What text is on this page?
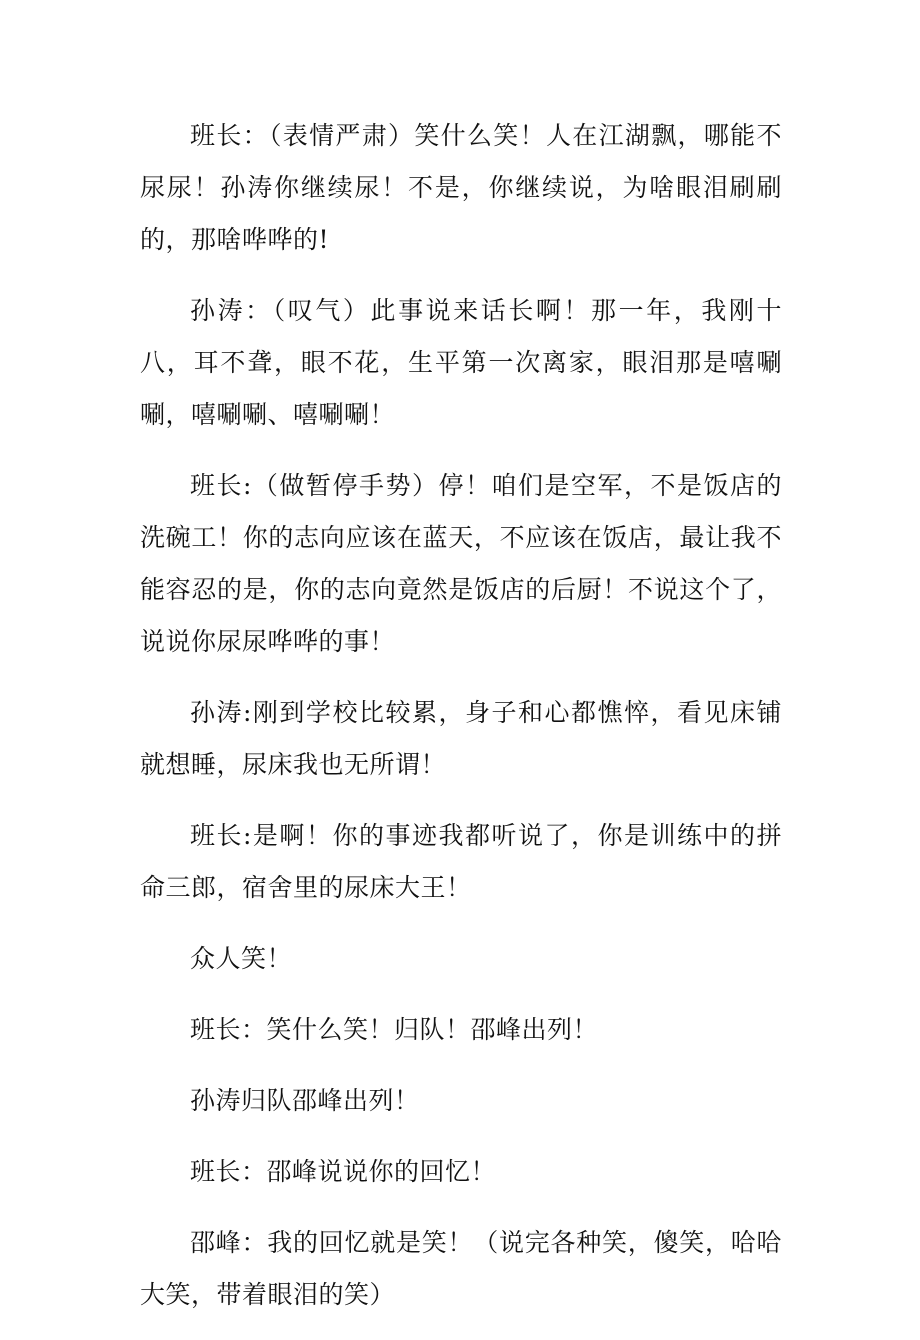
班长：（表情严肃）笑什么笑！人在江湖飘，哪能不尿尿！孙涛你继续尿！不是，你继续说，为啥眼泪刷刷的，那啥哗哗的!

孙涛：（叹气）此事说来话长啊！那一年，我刚十八，耳不聋，眼不花，生平第一次离家，眼泪那是嘻唰唰，嘻唰唰、嘻唰唰！

班长:（做暂停手势）停！咱们是空军，不是饭店的洗碗工！你的志向应该在蓝天，不应该在饭店，最让我不能容忍的是，你的志向竟然是饭店的后厨！不说这个了，说说你尿尿哗哗的事！

孙涛:刚到学校比较累，身子和心都憔悴，看见床铺就想睡，尿床我也无所谓！

班长:是啊！你的事迹我都听说了，你是训练中的拼命三郎，宿舍里的尿床大王！

众人笑！

班长：笑什么笑！归队！邵峰出列！

孙涛归队邵峰出列！

班长：邵峰说说你的回忆！

邵峰：我的回忆就是笑！（说完各种笑，傻笑，哈哈大笑，带着眼泪的笑）
